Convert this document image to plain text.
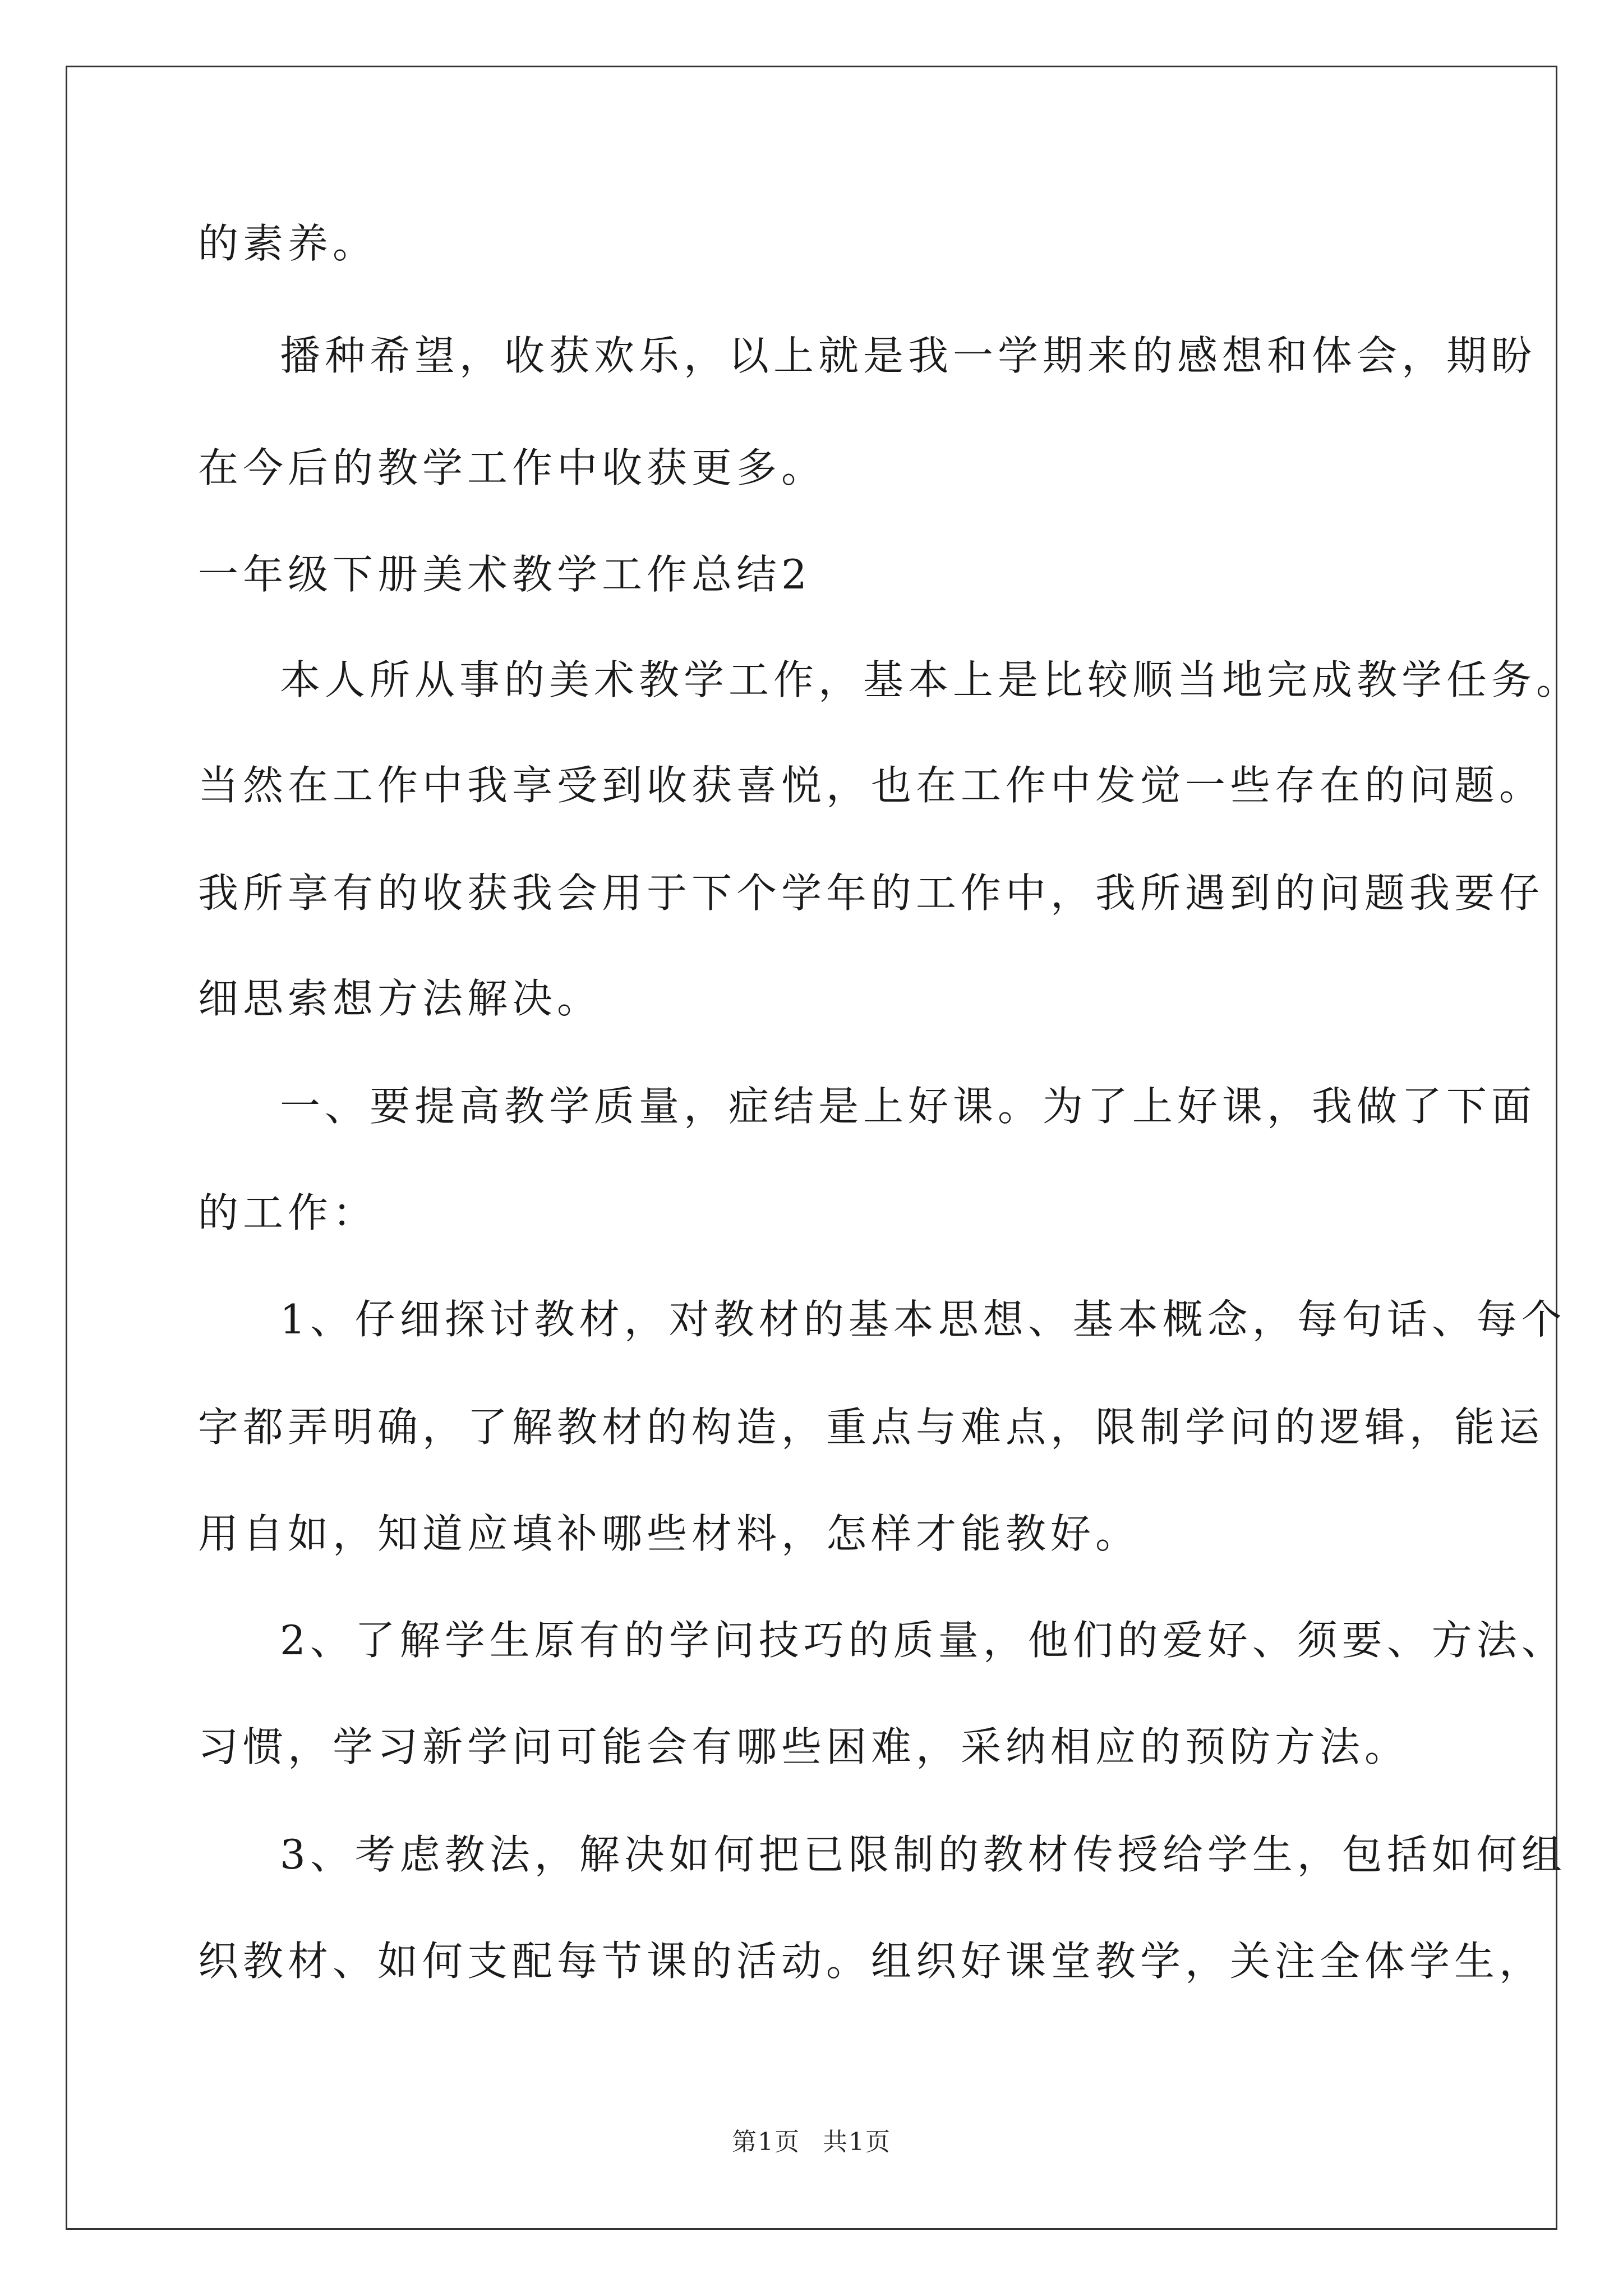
的素养。
播种希望，收获欢乐，以上就是我一学期来的感想和体会，期盼
在今后的教学工作中收获更多。
一年级下册美术教学工作总结2
本人所从事的美术教学工作，基本上是比较顺当地完成教学任务。
当然在工作中我享受到收获喜悦，也在工作中发觉一些存在的问题。
我所享有的收获我会用于下个学年的工作中，我所遇到的问题我要仔
细思索想方法解决。
一、要提高教学质量，症结是上好课。为了上好课，我做了下面
的工作：
1、仔细探讨教材，对教材的基本思想、基本概念，每句话、每个
字都弄明确，了解教材的构造，重点与难点，限制学问的逻辑，能运
用自如，知道应填补哪些材料，怎样才能教好。
2、了解学生原有的学问技巧的质量，他们的爱好、须要、方法、
习惯，学习新学问可能会有哪些困难，采纳相应的预防方法。
3、考虑教法，解决如何把已限制的教材传授给学生，包括如何组
织教材、如何支配每节课的活动。组织好课堂教学，关注全体学生，
第1页 共1页
